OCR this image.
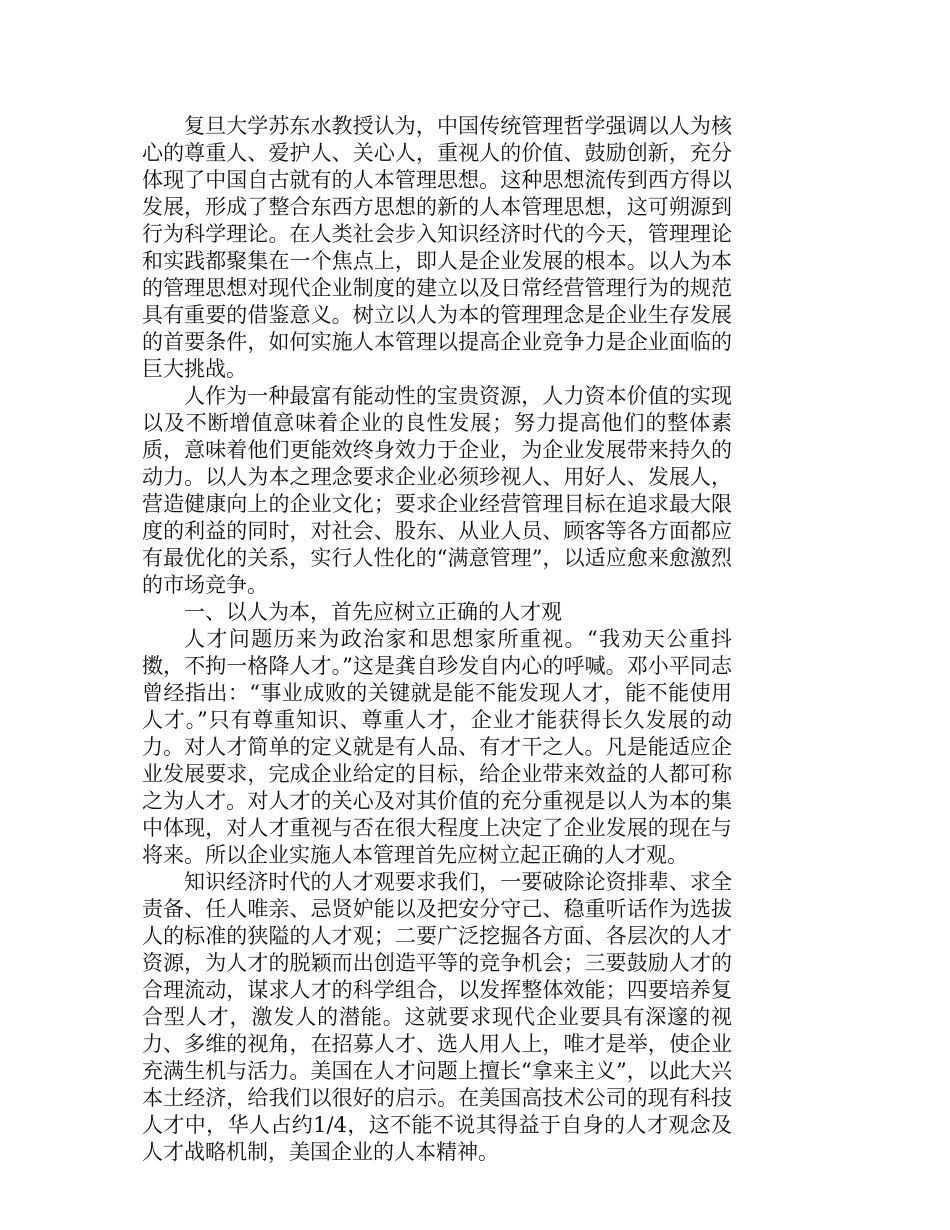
复旦大学苏东水教授认为，中国传统管理哲学强调以人为核心的尊重人、爱护人、关心人，重视人的价值、鼓励创新，充分体现了中国自古就有的人本管理思想。这种思想流传到西方得以发展，形成了整合东西方思想的新的人本管理思想，这可朔源到行为科学理论。在人类社会步入知识经济时代的今天，管理理论和实践都聚集在一个焦点上，即人是企业发展的根本。以人为本的管理思想对现代企业制度的建立以及日常经营管理行为的规范具有重要的借鉴意义。树立以人为本的管理理念是企业生存发展的首要条件，如何实施人本管理以提高企业竞争力是企业面临的巨大挑战。

人作为一种最富有能动性的宝贵资源，人力资本价值的实现以及不断增值意味着企业的良性发展；努力提高他们的整体素质，意味着他们更能效终身效力于企业，为企业发展带来持久的动力。以人为本之理念要求企业必须珍视人、用好人、发展人，营造健康向上的企业文化；要求企业经营管理目标在追求最大限度的利益的同时，对社会、股东、从业人员、顾客等各方面都应有最优化的关系，实行人性化的“满意管理”，以适应愈来愈激烈的市场竞争。

一、以人为本，首先应树立正确的人才观

人才问题历来为政治家和思想家所重视。“我劝天公重抖擞，不拘一格降人才。”这是龚自珍发自内心的呼喊。邓小平同志曾经指出：“事业成败的关键就是能不能发现人才，能不能使用人才。”只有尊重知识、尊重人才，企业才能获得长久发展的动力。对人才简单的定义就是有人品、有才干之人。凡是能适应企业发展要求，完成企业给定的目标，给企业带来效益的人都可称之为人才。对人才的关心及对其价值的充分重视是以人为本的集中体现，对人才重视与否在很大程度上决定了企业发展的现在与将来。所以企业实施人本管理首先应树立起正确的人才观。

知识经济时代的人才观要求我们，一要破除论资排辈、求全责备、任人唯亲、忌贤妒能以及把安分守己、稳重听话作为选拔人的标准的狭隘的人才观；二要广泛挖掘各方面、各层次的人才资源，为人才的脱颖而出创造平等的竞争机会；三要鼓励人才的合理流动，谋求人才的科学组合，以发挥整体效能；四要培养复合型人才，激发人的潜能。这就要求现代企业要具有深邃的视力、多维的视角，在招募人才、选人用人上，唯才是举，使企业充满生机与活力。美国在人才问题上擅长“拿来主义”，以此大兴本土经济，给我们以很好的启示。在美国高技术公司的现有科技人才中，华人占约1/4，这不能不说其得益于自身的人才观念及人才战略机制，美国企业的人本精神。
